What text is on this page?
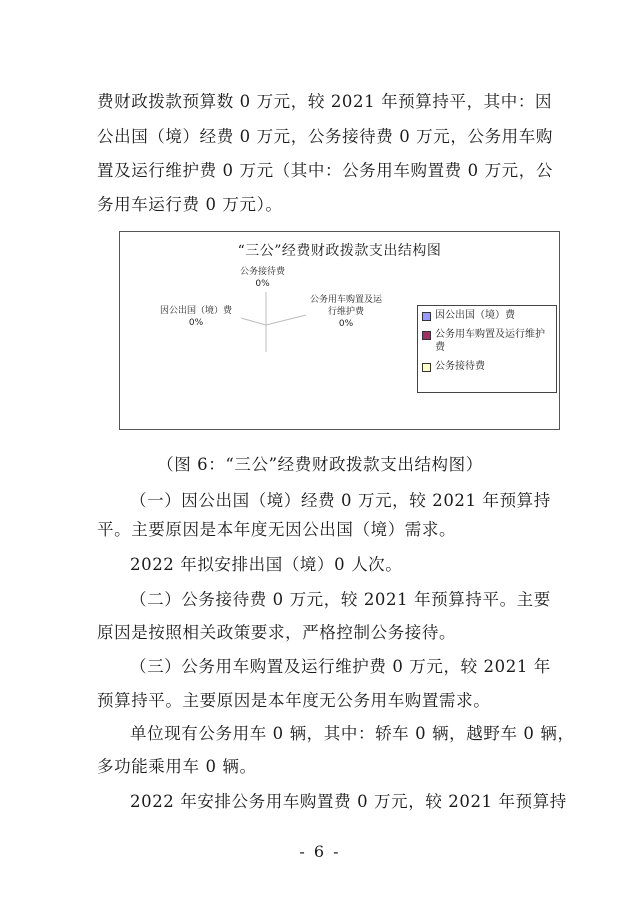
费财政拨款预算数 0 万元，较 2021 年预算持平，其中：因
公出国（境）经费 0 万元，公务接待费 0 万元，公务用车购
置及运行维护费 0 万元（其中：公务用车购置费 0 万元，公
务用车运行费 0 万元）。
“三公”经费财政拨款支出结构图
公务接待费
0%
因公出国（境）费
0%
公务用车购置及运
行维护费
0%
因公出国（境）费
公务用车购置及运行维护费
公务接待费
（图 6：“三公”经费财政拨款支出结构图）
（一）因公出国（境）经费 0 万元，较 2021 年预算持
平。主要原因是本年度无因公出国（境）需求。
2022 年拟安排出国（境）0 人次。
（二）公务接待费 0 万元，较 2021 年预算持平。主要
原因是按照相关政策要求，严格控制公务接待。
（三）公务用车购置及运行维护费 0 万元，较 2021 年
预算持平。主要原因是本年度无公务用车购置需求。
单位现有公务用车 0 辆，其中：轿车 0 辆，越野车 0 辆，
多功能乘用车 0 辆。
2022 年安排公务用车购置费 0 万元，较 2021 年预算持
- 6 -
